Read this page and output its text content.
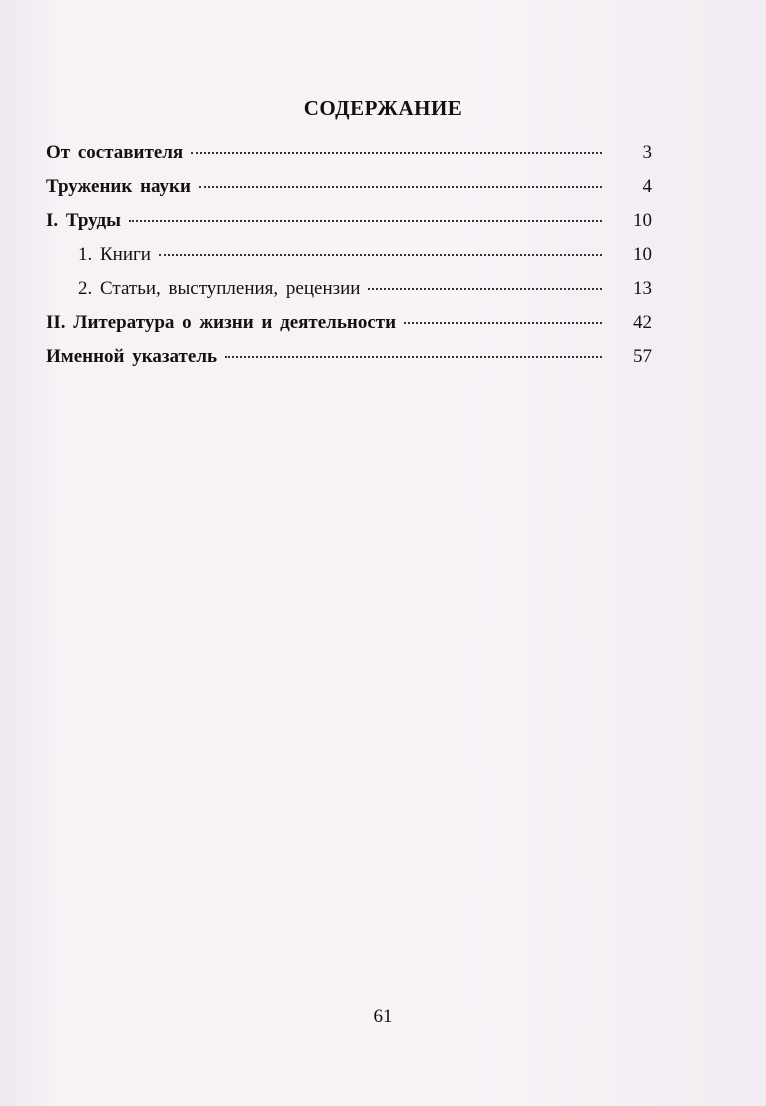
СОДЕРЖАНИЕ
От составителя	3
Труженик науки	4
I. Труды	10
1. Книги	10
2. Статьи, выступления, рецензии	13
II. Литература о жизни и деятельности	42
Именной указатель	57
61
